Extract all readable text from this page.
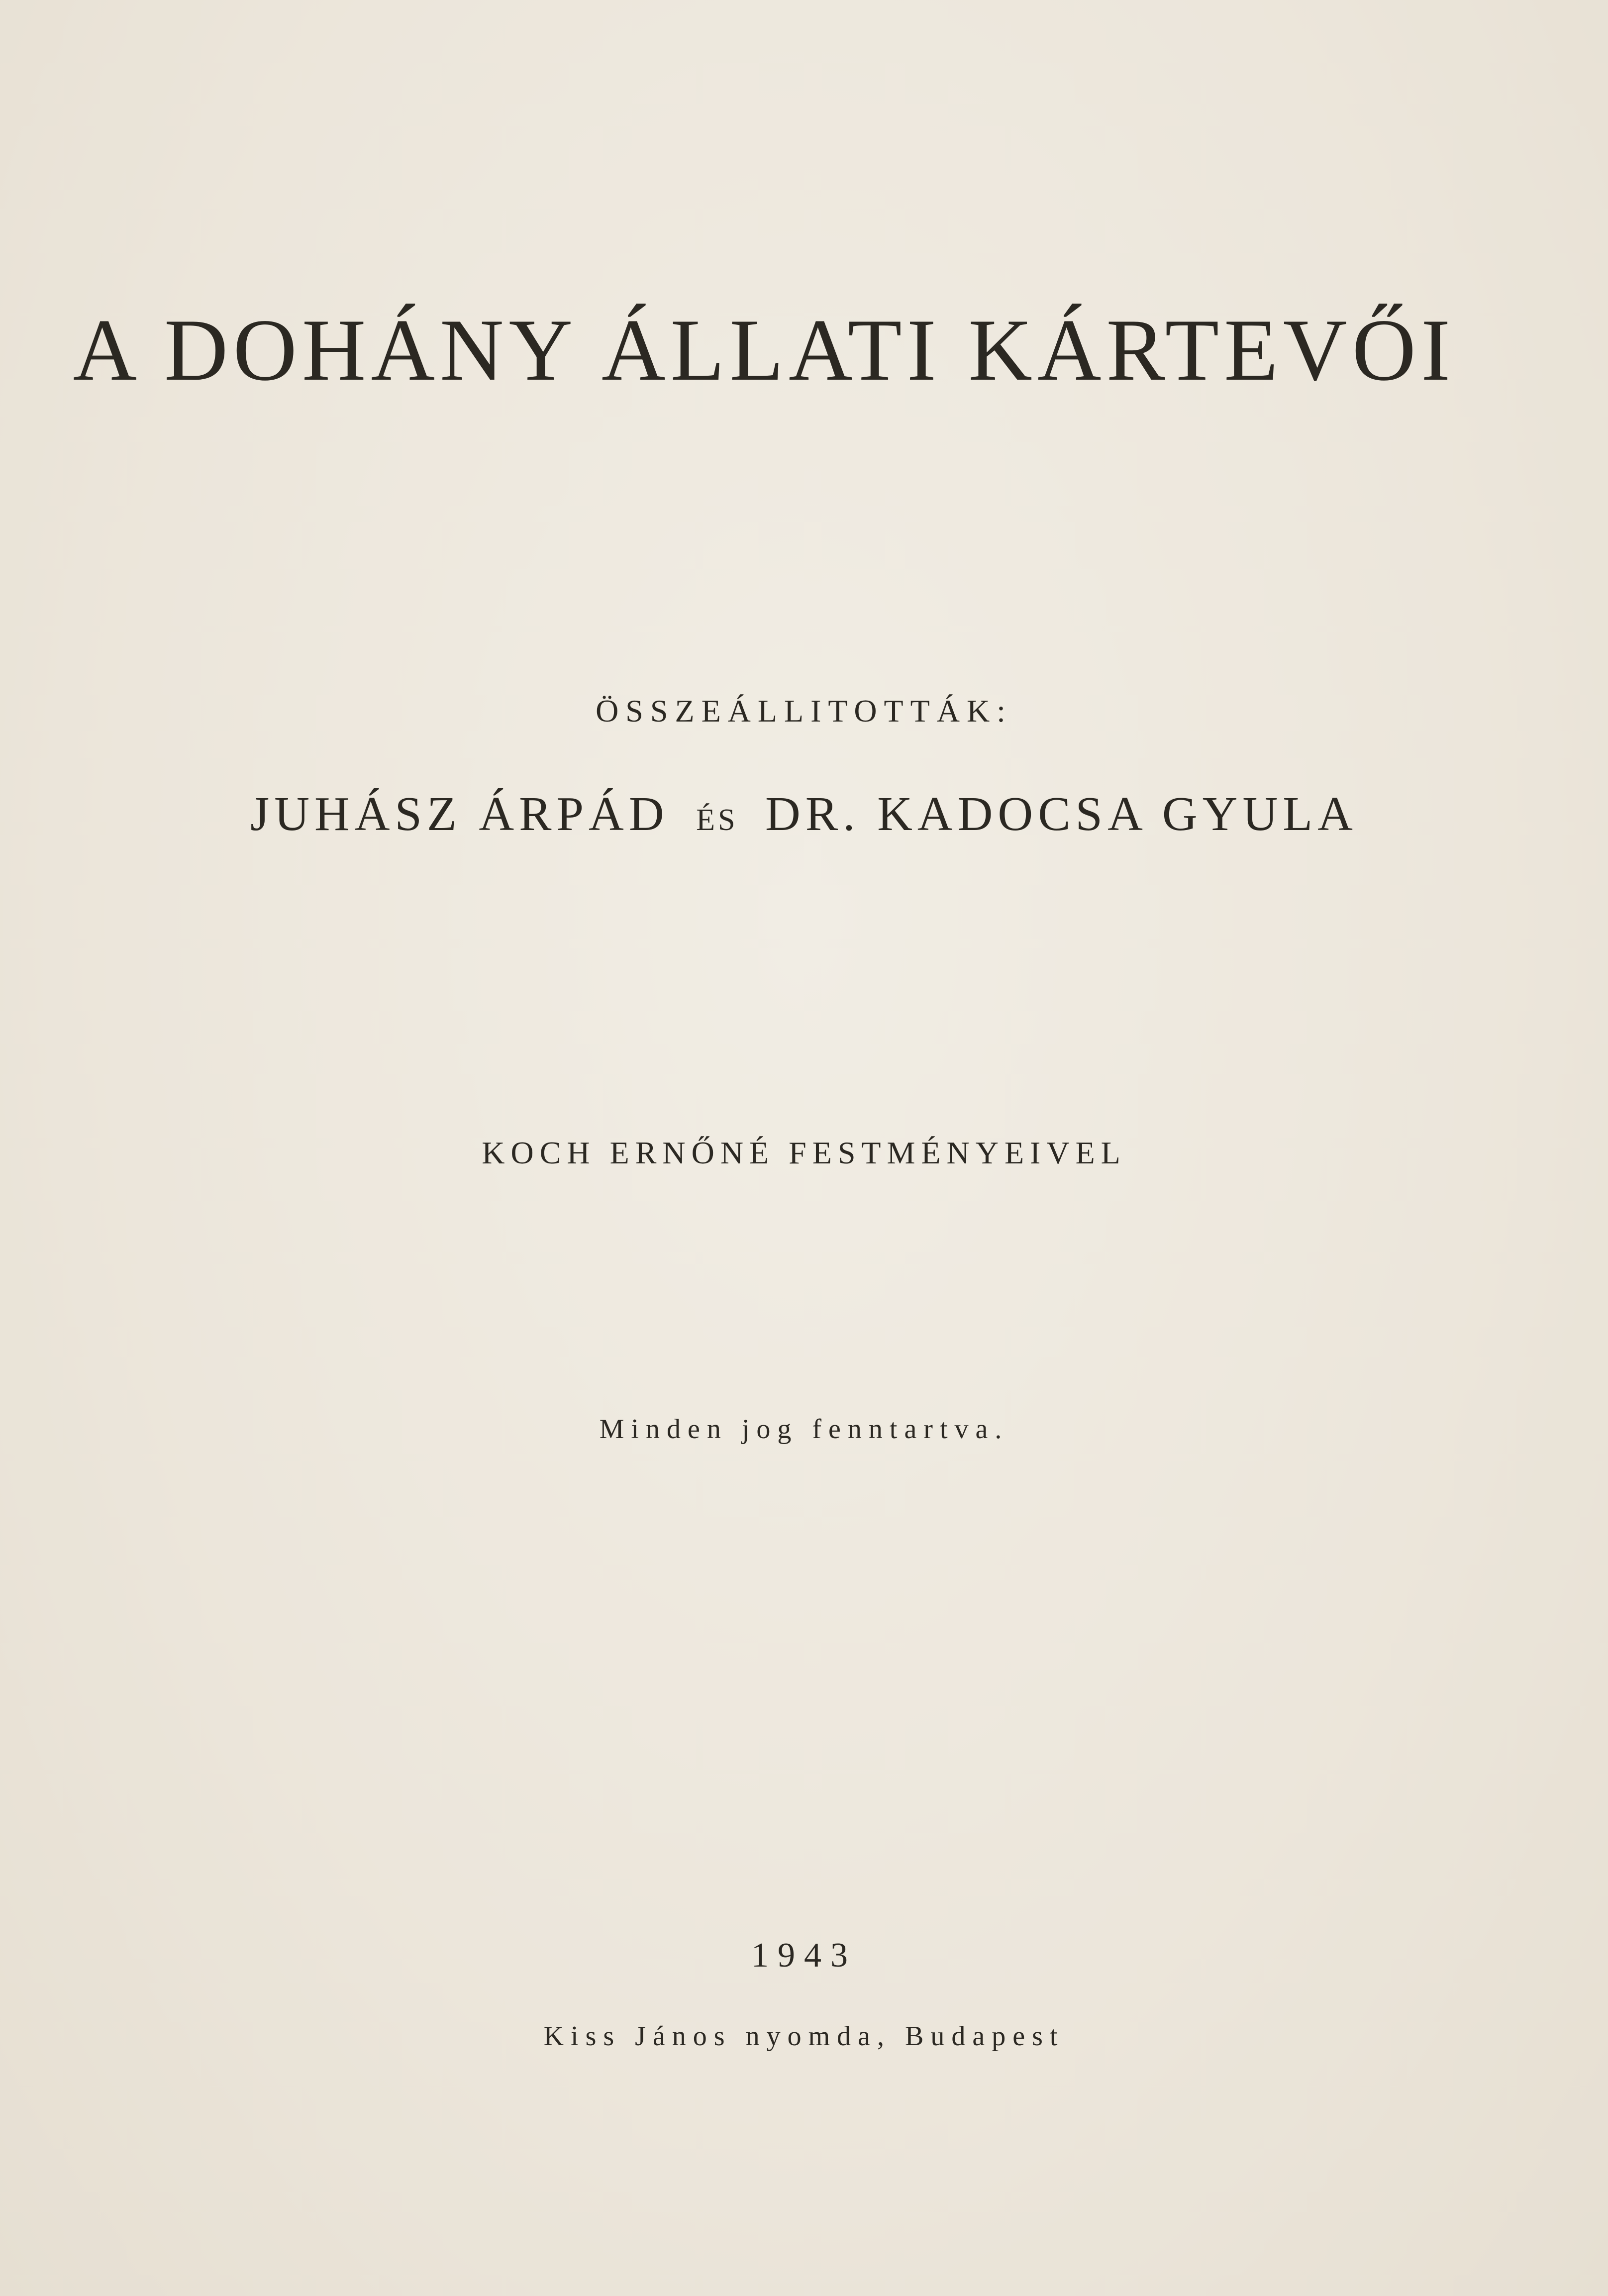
A DOHÁNY ÁLLATI KÁRTEVŐI
ÖSSZEÁLLITOTTÁK:
JUHÁSZ ÁRPÁD ÉS DR. KADOCSA GYULA
KOCH ERNŐNÉ FESTMÉNYEIVEL
Minden jog fenntartva.
1943
Kiss János nyomda, Budapest
